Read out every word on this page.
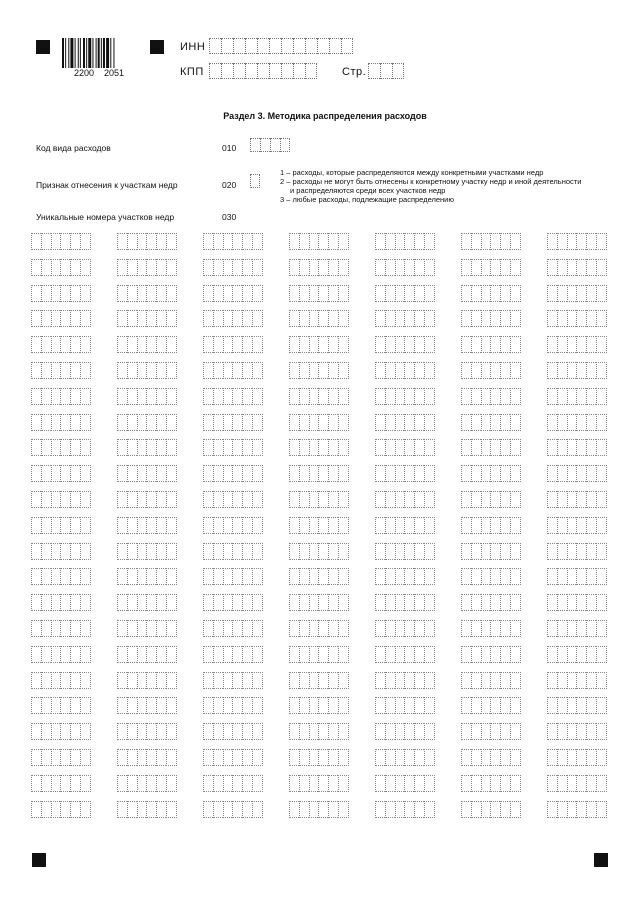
2200 2051
ИНН
КПП	Стр.
Раздел 3. Методика распределения расходов
Код вида расходов	010
Признак отнесения к участкам недр	020
1 – расходы, которые распределяются между конкретными участками недр
2 – расходы не могут быть отнесены к конкретному участку недр и иной деятельности
и распределяются среди всех участков недр
3 – любые расходы, подлежащие распределению
Уникальные номера участков недр	030
